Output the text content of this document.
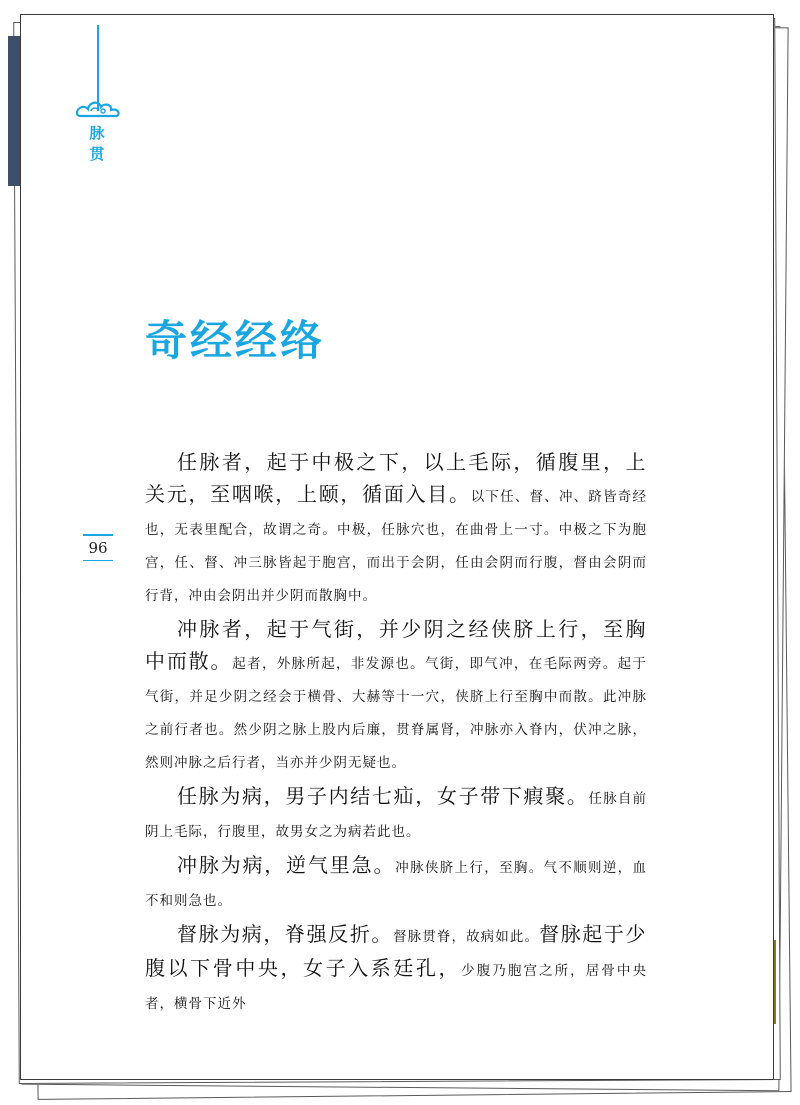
脉贯
奇经经络
96

任脉者，起于中极之下，以上毛际，循腹里，上关元，至咽喉，上颐，循面入目。以下任、督、冲、跻皆奇经也，无表里配合，故谓之奇。中极，任脉穴也，在曲骨上一寸。中极之下为胞宫，任、督、冲三脉皆起于胞宫，而出于会阴，任由会阴而行腹，督由会阴而行背，冲由会阴出并少阴而散胸中。

冲脉者，起于气街，并少阴之经侠脐上行，至胸中而散。起者，外脉所起，非发源也。气街，即气冲，在毛际两旁。起于气街，并足少阴之经会于横骨、大赫等十一穴，侠脐上行至胸中而散。此冲脉之前行者也。然少阴之脉上股内后廉，贯脊属肾，冲脉亦入脊内，伏冲之脉，然则冲脉之后行者，当亦并少阴无疑也。

任脉为病，男子内结七疝，女子带下瘕聚。任脉自前阴上毛际，行腹里，故男女之为病若此也。

冲脉为病，逆气里急。冲脉侠脐上行，至胸。气不顺则逆，血不和则急也。

督脉为病，脊强反折。督脉贯脊，故病如此。督脉起于少腹以下骨中央，女子入系廷孔，少腹乃胞宫之所，居骨中央者，横骨下近外
